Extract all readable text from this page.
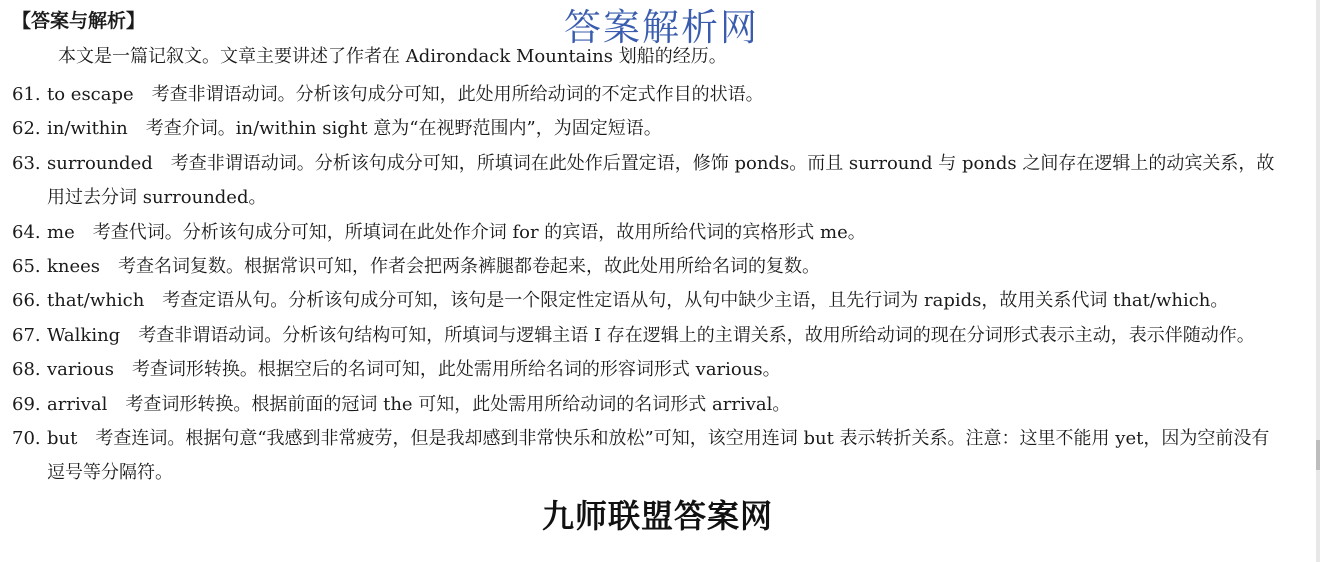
【答案与解析】	答案解析网
本文是一篇记叙文。文章主要讲述了作者在 Adirondack Mountains 划船的经历。
61. to escape 考查非谓语动词。分析该句成分可知，此处用所给动词的不定式作目的状语。
62. in/within 考查介词。in/within sight 意为“在视野范围内”，为固定短语。
63. surrounded 考查非谓语动词。分析该句成分可知，所填词在此处作后置定语，修饰 ponds。而且 surround 与 ponds 之间存在逻辑上的动宾关系，故用过去分词 surrounded。
64. me 考查代词。分析该句成分可知，所填词在此处作介词 for 的宾语，故用所给代词的宾格形式 me。
65. knees 考查名词复数。根据常识可知，作者会把两条裤腿都卷起来，故此处用所给名词的复数。
66. that/which 考查定语从句。分析该句成分可知，该句是一个限定性定语从句，从句中缺少主语，且先行词为 rapids，故用关系代词 that/which。
67. Walking 考查非谓语动词。分析该句结构可知，所填词与逻辑主语 I 存在逻辑上的主谓关系，故用所给动词的现在分词形式表示主动，表示伴随动作。
68. various 考查词形转换。根据空后的名词可知，此处需用所给名词的形容词形式 various。
69. arrival 考查词形转换。根据前面的冠词 the 可知，此处需用所给动词的名词形式 arrival。
70. but 考查连词。根据句意“我感到非常疲劳，但是我却感到非常快乐和放松”可知，该空用连词 but 表示转折关系。注意：这里不能用 yet，因为空前没有逗号等分隔符。
九师联盟答案网
